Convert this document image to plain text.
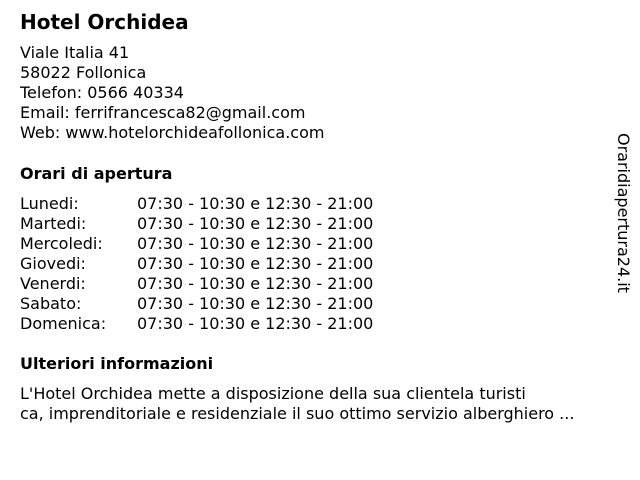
Hotel Orchidea
Viale Italia 41
58022 Follonica
Telefon: 0566 40334
Email: ferrifrancesca82@gmail.com
Web: www.hotelorchideafollonica.com
Orari di apertura
Lunedi:	07:30 - 10:30 e 12:30 - 21:00
Martedi:	07:30 - 10:30 e 12:30 - 21:00
Mercoledi:	07:30 - 10:30 e 12:30 - 21:00
Giovedi:	07:30 - 10:30 e 12:30 - 21:00
Venerdi:	07:30 - 10:30 e 12:30 - 21:00
Sabato:	07:30 - 10:30 e 12:30 - 21:00
Domenica:	07:30 - 10:30 e 12:30 - 21:00
Ulteriori informazioni
L'Hotel Orchidea mette a disposizione della sua clientela turisti
ca, imprenditoriale e residenziale il suo ottimo servizio alberghiero ...
Oraridiapertura24.it
